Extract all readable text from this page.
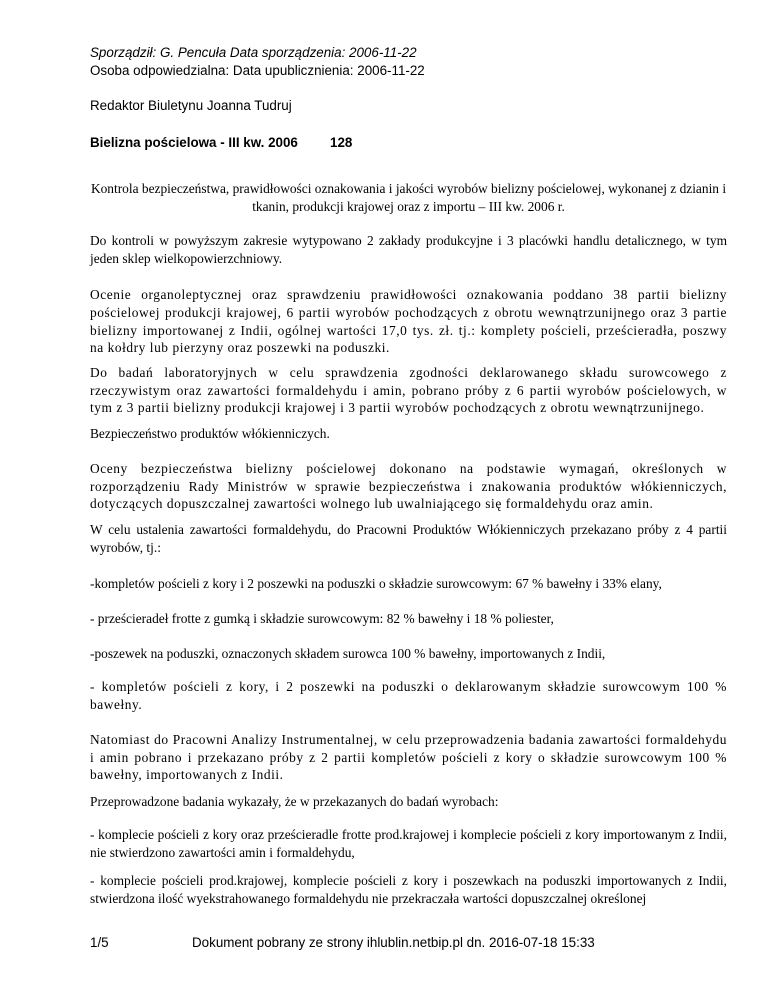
Sporządził: G. Pencuła Data sporządzenia: 2006-11-22
Osoba odpowiedzialna: Data upublicznienia: 2006-11-22
Redaktor Biuletynu Joanna Tudruj
Bielizna pościelowa - III kw. 2006 128
Kontrola bezpieczeństwa, prawidłowości oznakowania i jakości wyrobów bielizny pościelowej, wykonanej z dzianin i tkanin, produkcji krajowej oraz z importu – III kw. 2006 r.
Do kontroli w powyższym zakresie wytypowano 2 zakłady produkcyjne i 3 placówki handlu detalicznego, w tym jeden sklep wielkopowierzchniowy.
Ocenie organoleptycznej oraz sprawdzeniu prawidłowości oznakowania poddano 38 partii bielizny pościelowej produkcji krajowej, 6 partii wyrobów pochodzących z obrotu wewnątrzunijnego oraz 3 partie bielizny importowanej z Indii, ogólnej wartości 17,0 tys. zł. tj.: komplety pościeli, prześcieradła, poszwy na kołdry lub pierzyny oraz poszewki na poduszki.
Do badań laboratoryjnych w celu sprawdzenia zgodności deklarowanego składu surowcowego z rzeczywistym oraz zawartości formaldehydu i amin, pobrano próby z 6 partii wyrobów pościelowych, w tym z 3 partii bielizny produkcji krajowej i 3 partii wyrobów pochodzących z obrotu wewnątrzunijnego.
Bezpieczeństwo produktów włókienniczych.
Oceny bezpieczeństwa bielizny pościelowej dokonano na podstawie wymagań, określonych w rozporządzeniu Rady Ministrów w sprawie bezpieczeństwa i znakowania produktów włókienniczych, dotyczących dopuszczalnej zawartości wolnego lub uwalniającego się formaldehydu oraz amin.
W celu ustalenia zawartości formaldehydu, do Pracowni Produktów Włókienniczych przekazano próby z 4 partii wyrobów, tj.:
-kompletów pościeli z kory i 2 poszewki na poduszki o składzie surowcowym: 67 % bawełny i 33% elany,
- prześcieradeł frotte z gumką i składzie surowcowym: 82 % bawełny i 18 % poliester,
-poszewek na poduszki, oznaczonych składem surowca 100 % bawełny, importowanych z Indii,
- kompletów pościeli z kory, i 2 poszewki na poduszki o deklarowanym składzie surowcowym 100 % bawełny.
Natomiast do Pracowni Analizy Instrumentalnej, w celu przeprowadzenia badania zawartości formaldehydu i amin pobrano i przekazano próby z 2 partii kompletów pościeli z kory o składzie surowcowym 100 % bawełny, importowanych z Indii.
Przeprowadzone badania wykazały, że w przekazanych do badań wyrobach:
- komplecie pościeli z kory oraz prześcieradle frotte prod.krajowej i komplecie pościeli z kory importowanym z Indii, nie stwierdzono zawartości amin i formaldehydu,
- komplecie pościeli prod.krajowej, komplecie pościeli z kory i poszewkach na poduszki importowanych z Indii, stwierdzona ilość wyekstrahowanego formaldehydu nie przekraczała wartości dopuszczalnej określonej
1/5	Dokument pobrany ze strony ihlublin.netbip.pl dn. 2016-07-18 15:33
